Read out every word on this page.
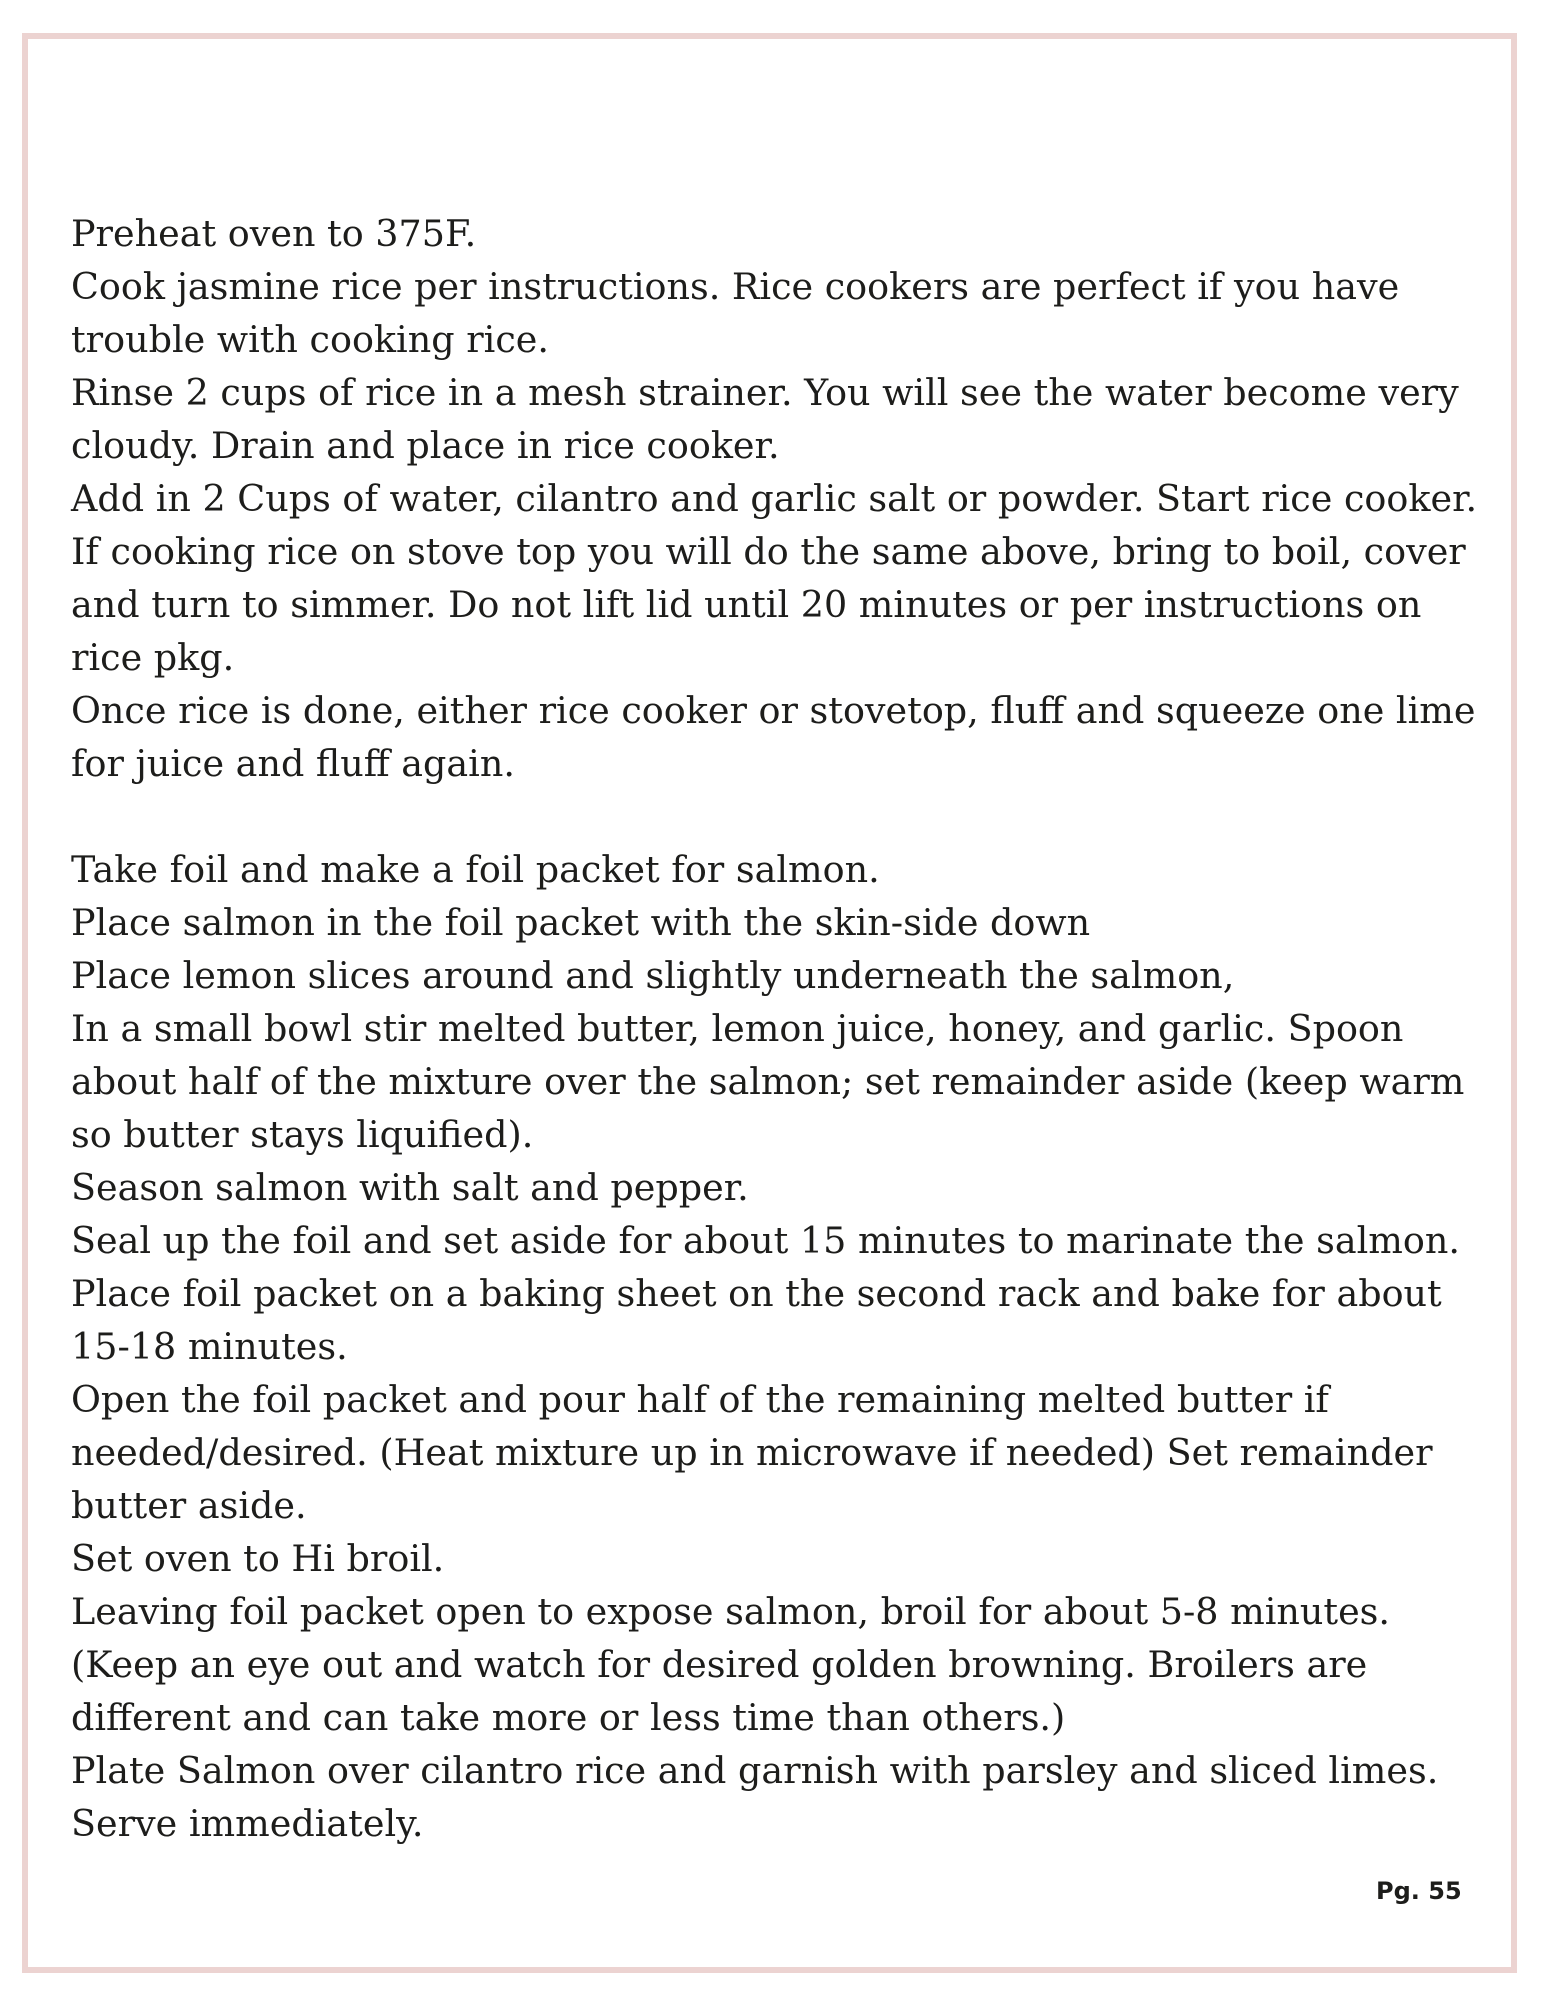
Preheat oven to 375F.

Cook jasmine rice per instructions. Rice cookers are perfect if you have trouble with cooking rice.

Rinse 2 cups of rice in a mesh strainer. You will see the water become very cloudy. Drain and place in rice cooker.

Add in 2 Cups of water, cilantro and garlic salt or powder. Start rice cooker.

If cooking rice on stove top you will do the same above, bring to boil, cover and turn to simmer. Do not lift lid until 20 minutes or per instructions on rice pkg.

Once rice is done, either rice cooker or stovetop, fluff and squeeze one lime for juice and fluff again.

Take foil and make a foil packet for salmon.

Place salmon in the foil packet with the skin-side down

Place lemon slices around and slightly underneath the salmon,

In a small bowl stir melted butter, lemon juice, honey, and garlic. Spoon about half of the mixture over the salmon; set remainder aside (keep warm so butter stays liquified).

Season salmon with salt and pepper.

Seal up the foil and set aside for about 15 minutes to marinate the salmon.

Place foil packet on a baking sheet on the second rack and bake for about 15-18 minutes.

Open the foil packet and pour half of the remaining melted butter if needed/desired. (Heat mixture up in microwave if needed) Set remainder butter aside.

Set oven to Hi broil.

Leaving foil packet open to expose salmon, broil for about 5-8 minutes. (Keep an eye out and watch for desired golden browning. Broilers are different and can take more or less time than others.)

Plate Salmon over cilantro rice and garnish with parsley and sliced limes.

Serve immediately.

Pg. 55
